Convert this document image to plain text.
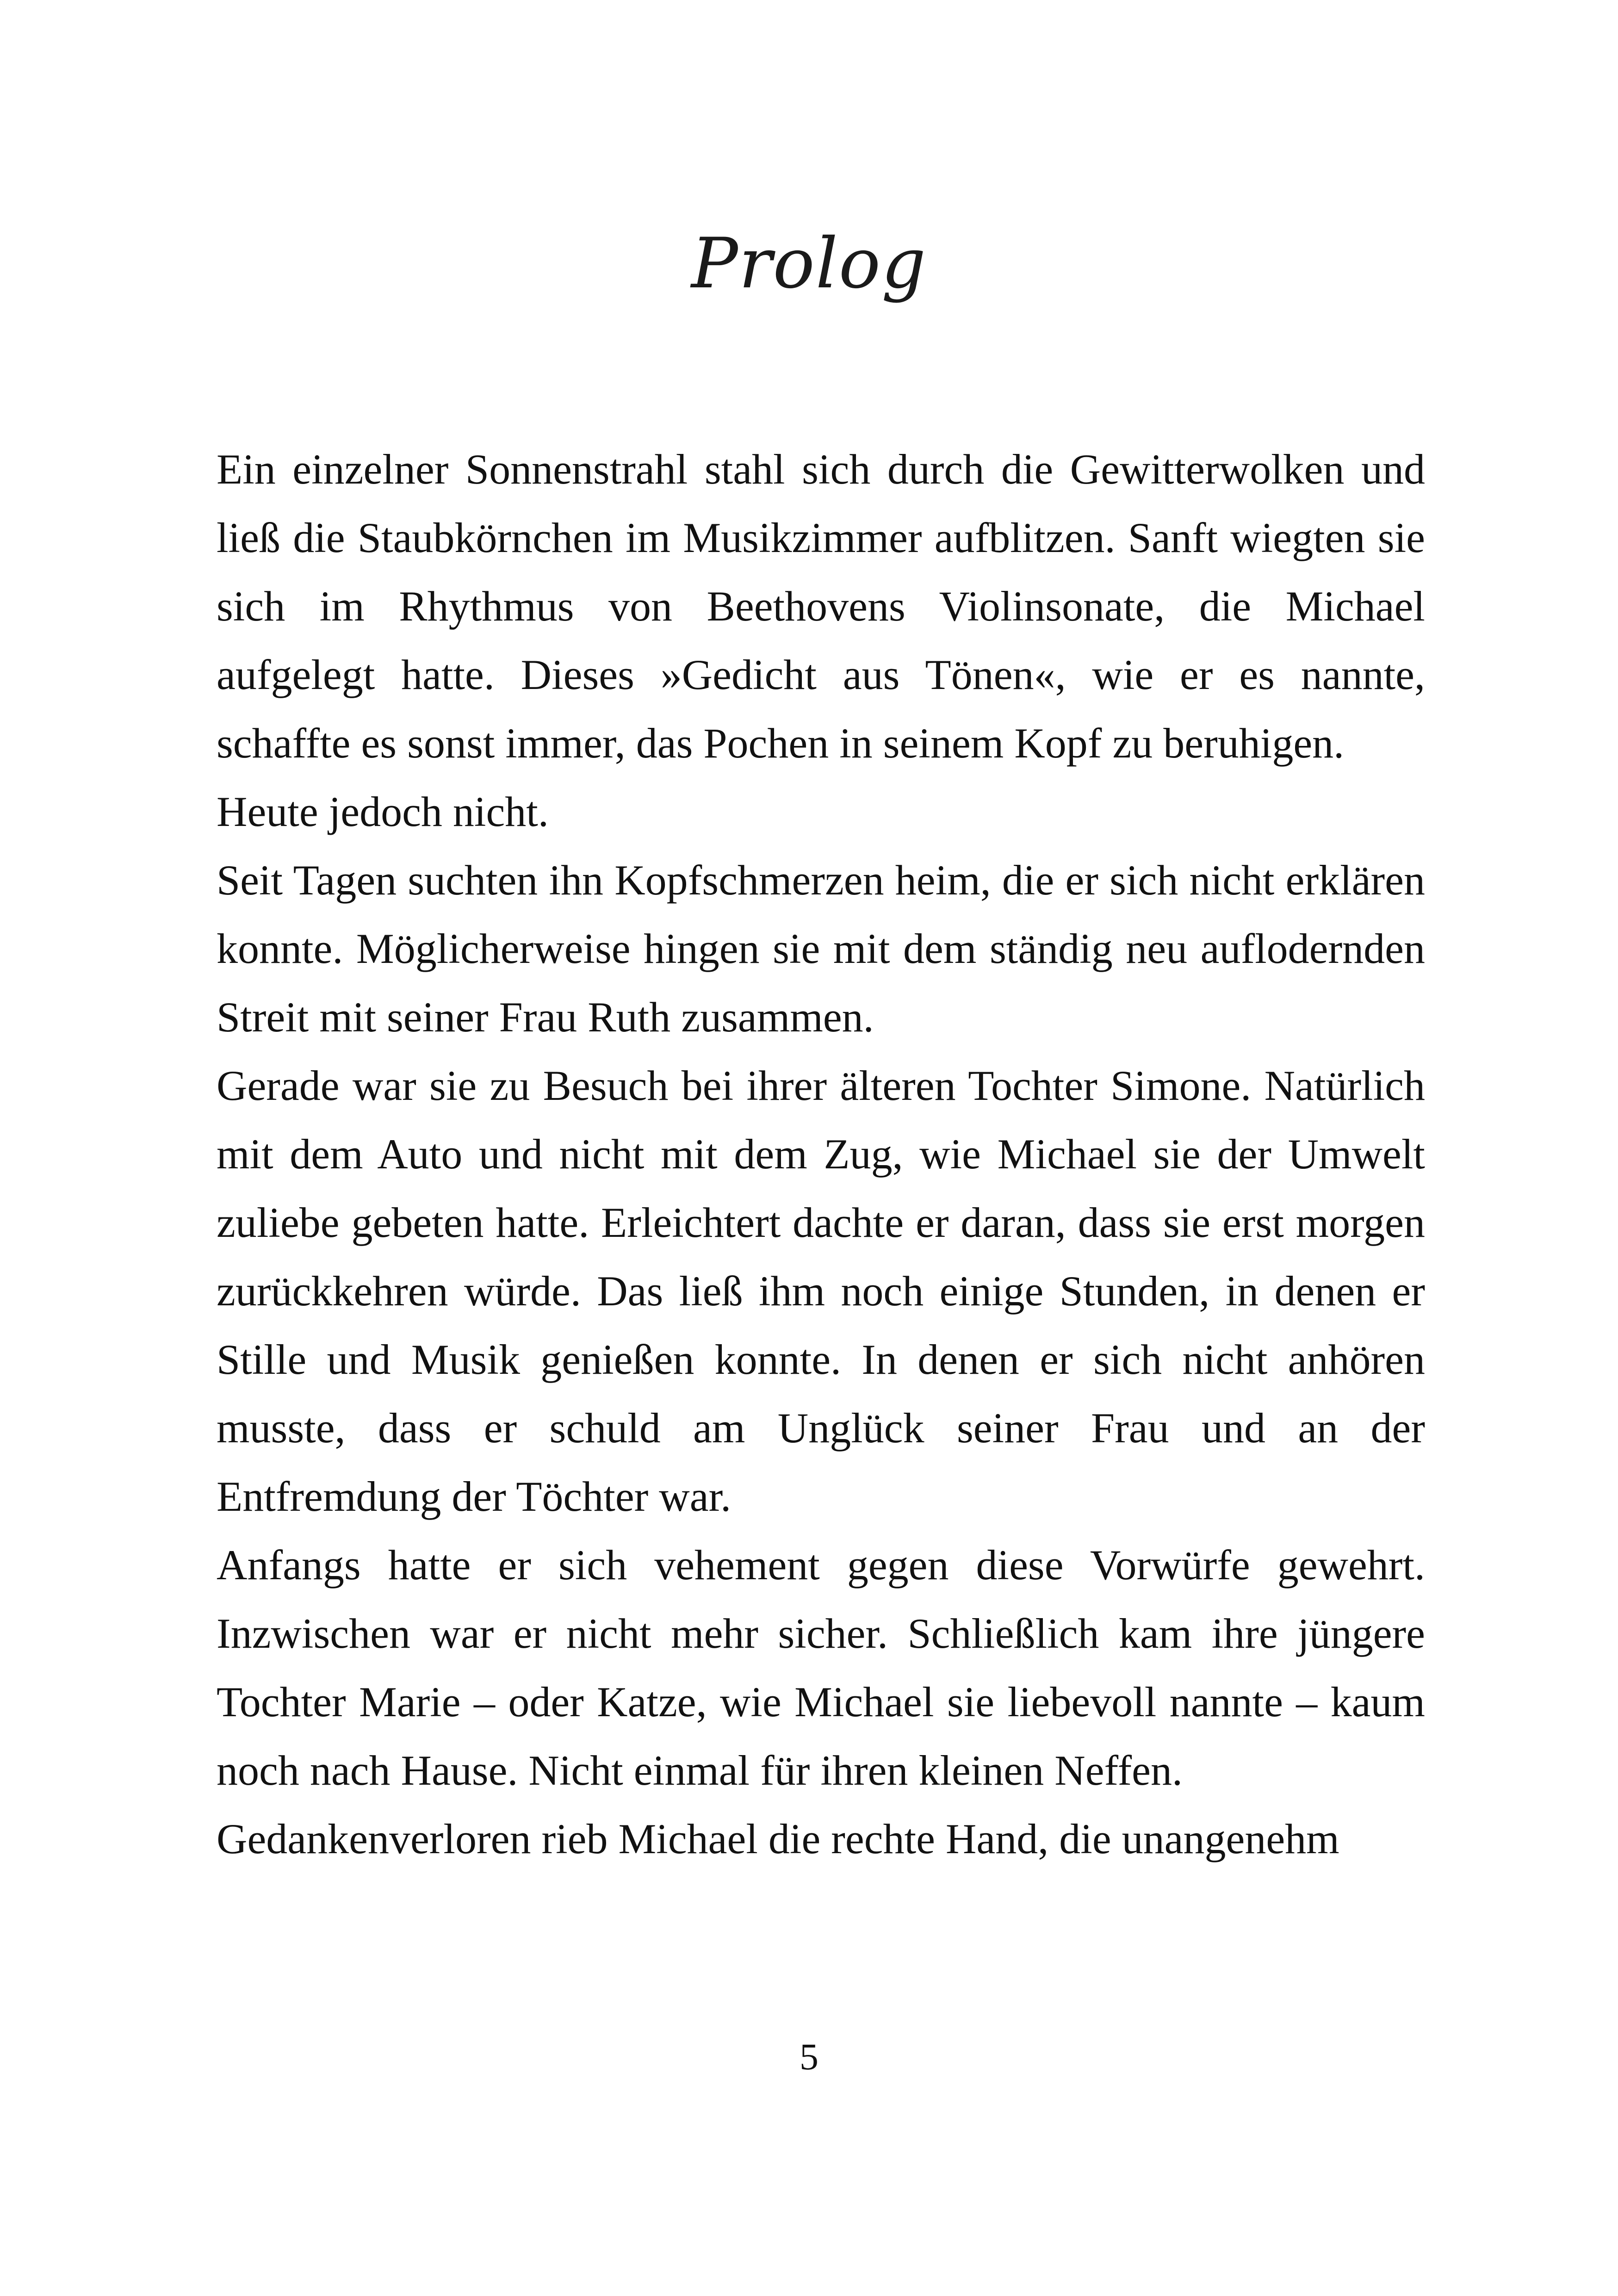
Prolog

Ein einzelner Sonnenstrahl stahl sich durch die Gewitterwolken und ließ die Staubkörnchen im Musikzimmer aufblitzen. Sanft wiegten sie sich im Rhythmus von Beethovens Violinsonate, die Michael aufgelegt hatte. Dieses »Gedicht aus Tönen«, wie er es nannte, schaffte es sonst immer, das Pochen in seinem Kopf zu beruhigen.

Heute jedoch nicht.

Seit Tagen suchten ihn Kopfschmerzen heim, die er sich nicht erklären konnte. Möglicherweise hingen sie mit dem ständig neu auflodernden Streit mit seiner Frau Ruth zusammen.

Gerade war sie zu Besuch bei ihrer älteren Tochter Simone. Natürlich mit dem Auto und nicht mit dem Zug, wie Michael sie der Umwelt zuliebe gebeten hatte. Erleichtert dachte er daran, dass sie erst morgen zurückkehren würde. Das ließ ihm noch einige Stunden, in denen er Stille und Musik genießen konnte. In denen er sich nicht anhören musste, dass er schuld am Unglück seiner Frau und an der Entfremdung der Töchter war.

Anfangs hatte er sich vehement gegen diese Vorwürfe gewehrt. Inzwischen war er nicht mehr sicher. Schließlich kam ihre jüngere Tochter Marie – oder Katze, wie Michael sie liebevoll nannte – kaum noch nach Hause. Nicht einmal für ihren kleinen Neffen.

Gedankenverloren rieb Michael die rechte Hand, die unangenehm

5
